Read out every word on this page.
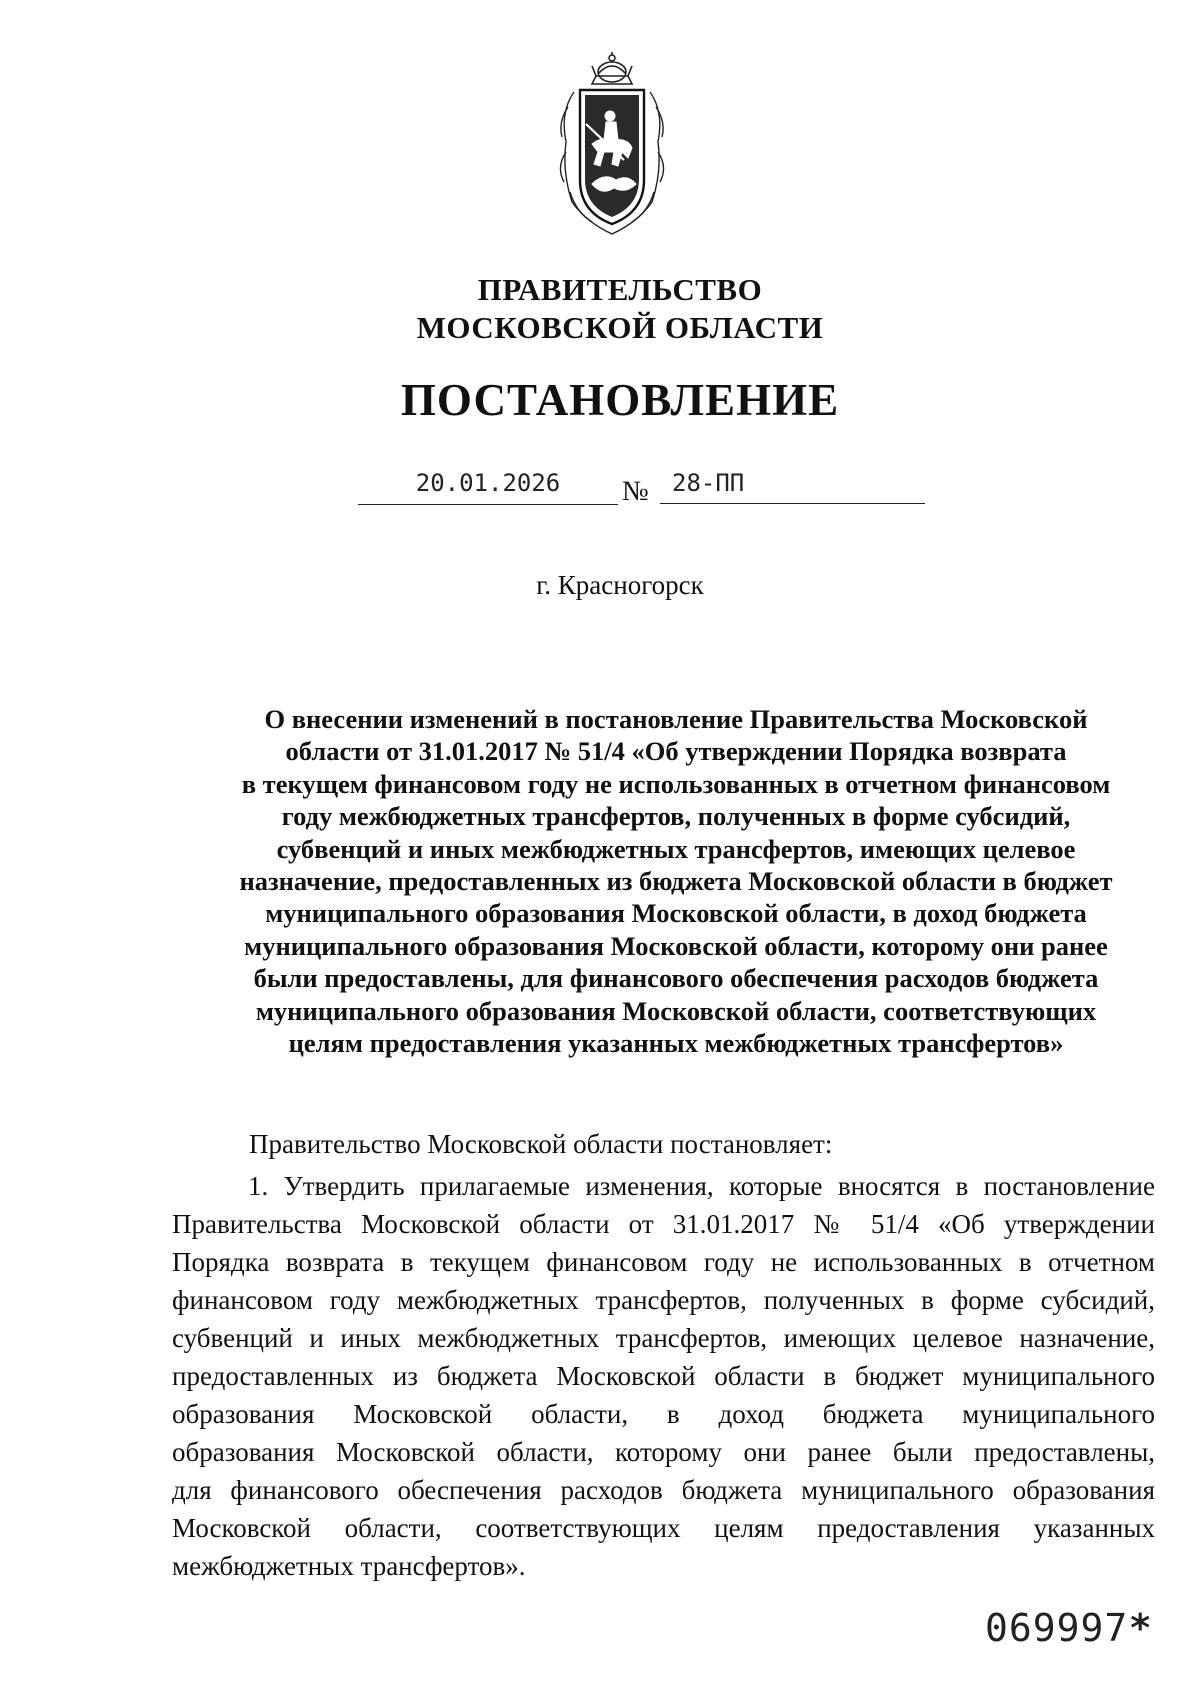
ПРАВИТЕЛЬСТВО
МОСКОВСКОЙ ОБЛАСТИ
ПОСТАНОВЛЕНИЕ
20.01.2026	№ 28-ПП
г. Красногорск
О внесении изменений в постановление Правительства Московской
области от 31.01.2017 № 51/4 «Об утверждении Порядка возврата
в текущем финансовом году не использованных в отчетном финансовом
году межбюджетных трансфертов, полученных в форме субсидий,
субвенций и иных межбюджетных трансфертов, имеющих целевое
назначение, предоставленных из бюджета Московской области в бюджет
муниципального образования Московской области, в доход бюджета
муниципального образования Московской области, которому они ранее
были предоставлены, для финансового обеспечения расходов бюджета
муниципального образования Московской области, соответствующих
целям предоставления указанных межбюджетных трансфертов»
Правительство Московской области постановляет:
1. Утвердить прилагаемые изменения, которые вносятся в постановление
Правительства Московской области от 31.01.2017 № 51/4 «Об утверждении
Порядка возврата в текущем финансовом году не использованных в отчетном
финансовом году межбюджетных трансфертов, полученных в форме субсидий,
субвенций и иных межбюджетных трансфертов, имеющих целевое назначение,
предоставленных из бюджета Московской области в бюджет муниципального
образования Московской области, в доход бюджета муниципального
образования Московской области, которому они ранее были предоставлены,
для финансового обеспечения расходов бюджета муниципального образования
Московской области, соответствующих целям предоставления указанных
межбюджетных трансфертов».
069997*
